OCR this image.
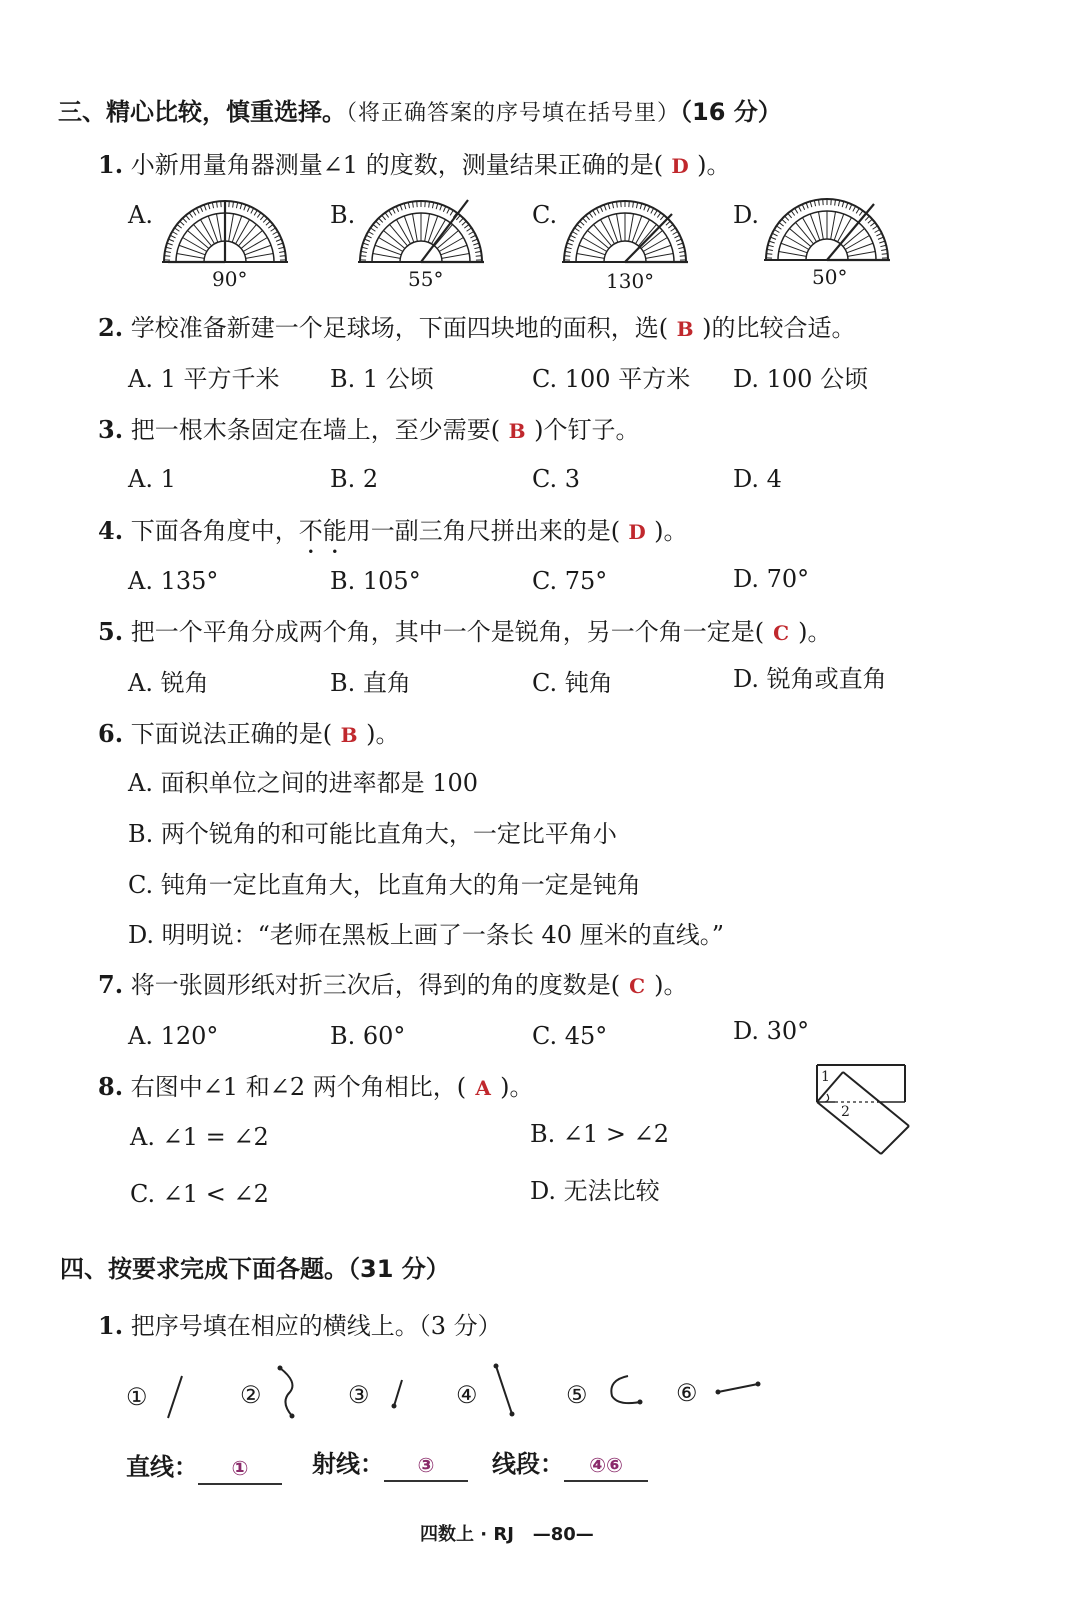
三、精心比较，慎重选择。（将正确答案的序号填在括号里）（16 分）
1. 小新用量角器测量∠1 的度数，测量结果正确的是( D )。
A.	B.	C.	D.
90°	55°	130°	50°
2. 学校准备新建一个足球场，下面四块地的面积，选( B )的比较合适。
A. 1 平方千米 B. 1 公顷	C. 100 平方米 D. 100 公顷
3. 把一根木条固定在墙上，至少需要( B )个钉子。
A. 1	B. 2	C. 3	D. 4
4. 下面各角度中，不能用一副三角尺拼出来的是( D )。
A. 135°	B. 105°	C. 75°	D. 70°
5. 把一个平角分成两个角，其中一个是锐角，另一个角一定是( C )。
A. 锐角	B. 直角	C. 钝角	D. 锐角或直角
6. 下面说法正确的是( B )。
A. 面积单位之间的进率都是 100
B. 两个锐角的和可能比直角大，一定比平角小
C. 钝角一定比直角大，比直角大的角一定是钝角
D. 明明说：“老师在黑板上画了一条长 40 厘米的直线。”
7. 将一张圆形纸对折三次后，得到的角的度数是( C )。
A. 120°	B. 60°	C. 45°	D. 30°
8. 右图中∠1 和∠2 两个角相比，( A )。
A. ∠1 = ∠2	B. ∠1 > ∠2
C. ∠1 < ∠2	D. 无法比较
1
2
四、按要求完成下面各题。（31 分）
1. 把序号填在相应的横线上。（3 分）
①	②	③	④	⑤	⑥
直线： ①	射线： ③	线段： ④⑥
四数上 · RJ —80—
